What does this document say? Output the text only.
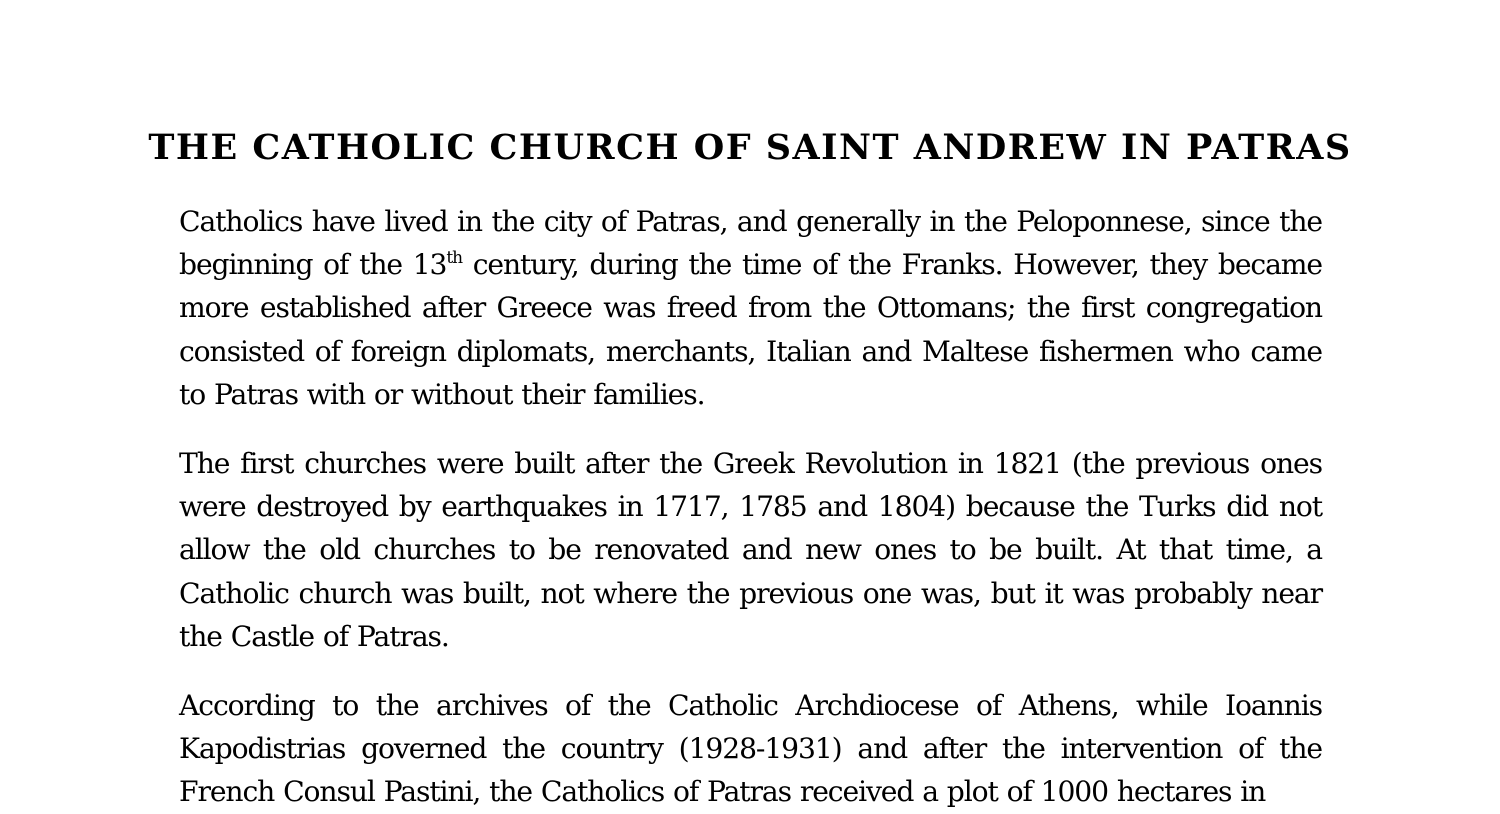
THE CATHOLIC CHURCH OF SAINT ANDREW IN PATRAS

Catholics have lived in the city of Patras, and generally in the Peloponnese, since the beginning of the 13th century, during the time of the Franks. However, they became more established after Greece was freed from the Ottomans; the first congregation consisted of foreign diplomats, merchants, Italian and Maltese fishermen who came to Patras with or without their families.

The first churches were built after the Greek Revolution in 1821 (the previous ones were destroyed by earthquakes in 1717, 1785 and 1804) because the Turks did not allow the old churches to be renovated and new ones to be built. At that time, a Catholic church was built, not where the previous one was, but it was probably near the Castle of Patras.

According to the archives of the Catholic Archdiocese of Athens, while Ioannis Kapodistrias governed the country (1928-1931) and after the intervention of the French Consul Pastini, the Catholics of Patras received a plot of 1000 hectares in
